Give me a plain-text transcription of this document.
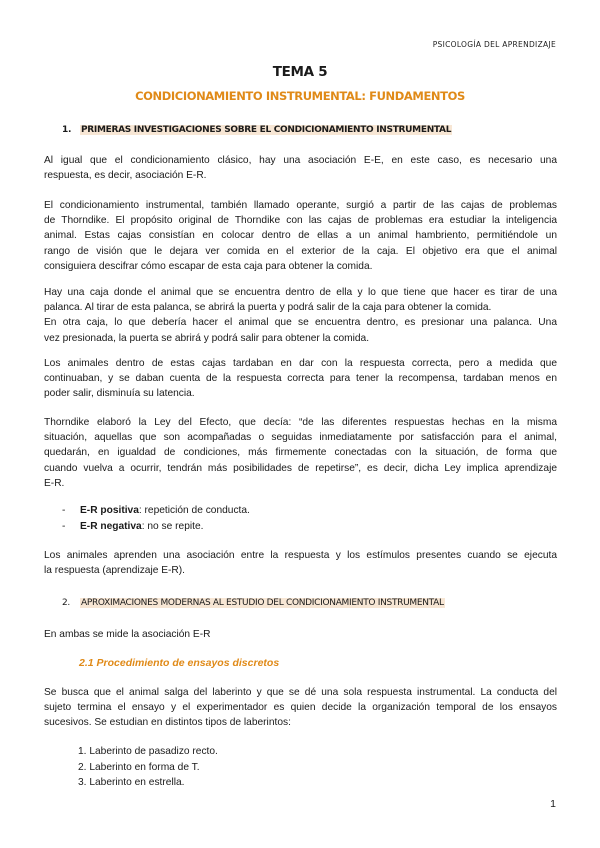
PSICOLOGÍA DEL APRENDIZAJE
TEMA 5
CONDICIONAMIENTO INSTRUMENTAL: FUNDAMENTOS
1. PRIMERAS INVESTIGACIONES SOBRE EL CONDICIONAMIENTO INSTRUMENTAL
Al igual que el condicionamiento clásico, hay una asociación E-E, en este caso, es necesario una
respuesta, es decir, asociación E-R.
El condicionamiento instrumental, también llamado operante, surgió a partir de las cajas de problemas
de Thorndike. El propósito original de Thorndike con las cajas de problemas era estudiar la inteligencia
animal. Estas cajas consistían en colocar dentro de ellas a un animal hambriento, permitiéndole un
rango de visión que le dejara ver comida en el exterior de la caja. El objetivo era que el animal
consiguiera descifrar cómo escapar de esta caja para obtener la comida.
Hay una caja donde el animal que se encuentra dentro de ella y lo que tiene que hacer es tirar de una
palanca. Al tirar de esta palanca, se abrirá la puerta y podrá salir de la caja para obtener la comida.
En otra caja, lo que debería hacer el animal que se encuentra dentro, es presionar una palanca. Una
vez presionada, la puerta se abrirá y podrá salir para obtener la comida.
Los animales dentro de estas cajas tardaban en dar con la respuesta correcta, pero a medida que
continuaban, y se daban cuenta de la respuesta correcta para tener la recompensa, tardaban menos en
poder salir, disminuía su latencia.
Thorndike elaboró la Ley del Efecto, que decía: “de las diferentes respuestas hechas en la misma
situación, aquellas que son acompañadas o seguidas inmediatamente por satisfacción para el animal,
quedarán, en igualdad de condiciones, más firmemente conectadas con la situación, de forma que
cuando vuelva a ocurrir, tendrán más posibilidades de repetirse”, es decir, dicha Ley implica aprendizaje
E-R.
- E-R positiva: repetición de conducta.
- E-R negativa: no se repite.
Los animales aprenden una asociación entre la respuesta y los estímulos presentes cuando se ejecuta
la respuesta (aprendizaje E-R).
2. APROXIMACIONES MODERNAS AL ESTUDIO DEL CONDICIONAMIENTO INSTRUMENTAL
En ambas se mide la asociación E-R
2.1 Procedimiento de ensayos discretos
Se busca que el animal salga del laberinto y que se dé una sola respuesta instrumental. La conducta del
sujeto termina el ensayo y el experimentador es quien decide la organización temporal de los ensayos
sucesivos. Se estudian en distintos tipos de laberintos:
1. Laberinto de pasadizo recto.
2. Laberinto en forma de T.
3. Laberinto en estrella.
1
